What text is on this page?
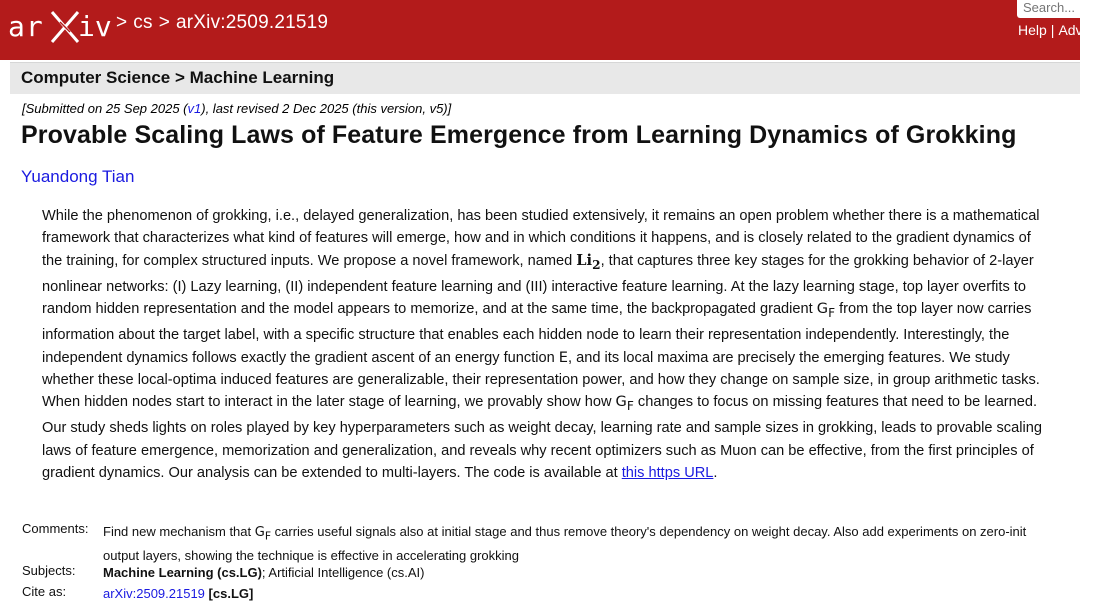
ar iv > cs > arXiv:2509.21519
Search...	Help | Adv
Computer Science > Machine Learning
[Submitted on 25 Sep 2025 (v1), last revised 2 Dec 2025 (this version, v5)]
Provable Scaling Laws of Feature Emergence from Learning Dynamics of Grokking
Yuandong Tian
While the phenomenon of grokking, i.e., delayed generalization, has been studied extensively, it remains an open problem whether there is a mathematical framework that characterizes what kind of features will emerge, how and in which conditions it happens, and is closely related to the gradient dynamics of the training, for complex structured inputs. We propose a novel framework, named $Li_2$, that captures three key stages for the grokking behavior of 2-layer nonlinear networks: (I) Lazy learning, (II) independent feature learning and (III) interactive feature learning. At the lazy learning stage, top layer overfits to random hidden representation and the model appears to memorize, and at the same time, the backpropagated gradient $G_F$ from the top layer now carries information about the target label, with a specific structure that enables each hidden node to learn their representation independently. Interestingly, the independent dynamics follows exactly the gradient ascent of an energy function E, and its local maxima are precisely the emerging features. We study whether these local-optima induced features are generalizable, their representation power, and how they change on sample size, in group arithmetic tasks. When hidden nodes start to interact in the later stage of learning, we provably show how $G_F$ changes to focus on missing features that need to be learned. Our study sheds lights on roles played by key hyperparameters such as weight decay, learning rate and sample sizes in grokking, leads to provable scaling laws of feature emergence, memorization and generalization, and reveals why recent optimizers such as Muon can be effective, from the first principles of gradient dynamics. Our analysis can be extended to multi-layers. The code is available at this https URL.
Comments:	Find new mechanism that $G_F$ carries useful signals also at initial stage and thus remove theory's dependency on weight decay. Also add experiments on zero-init output layers, showing the technique is effective in accelerating grokking
Subjects:	Machine Learning (cs.LG); Artificial Intelligence (cs.AI)
Cite as:	arXiv:2509.21519 [cs.LG]
